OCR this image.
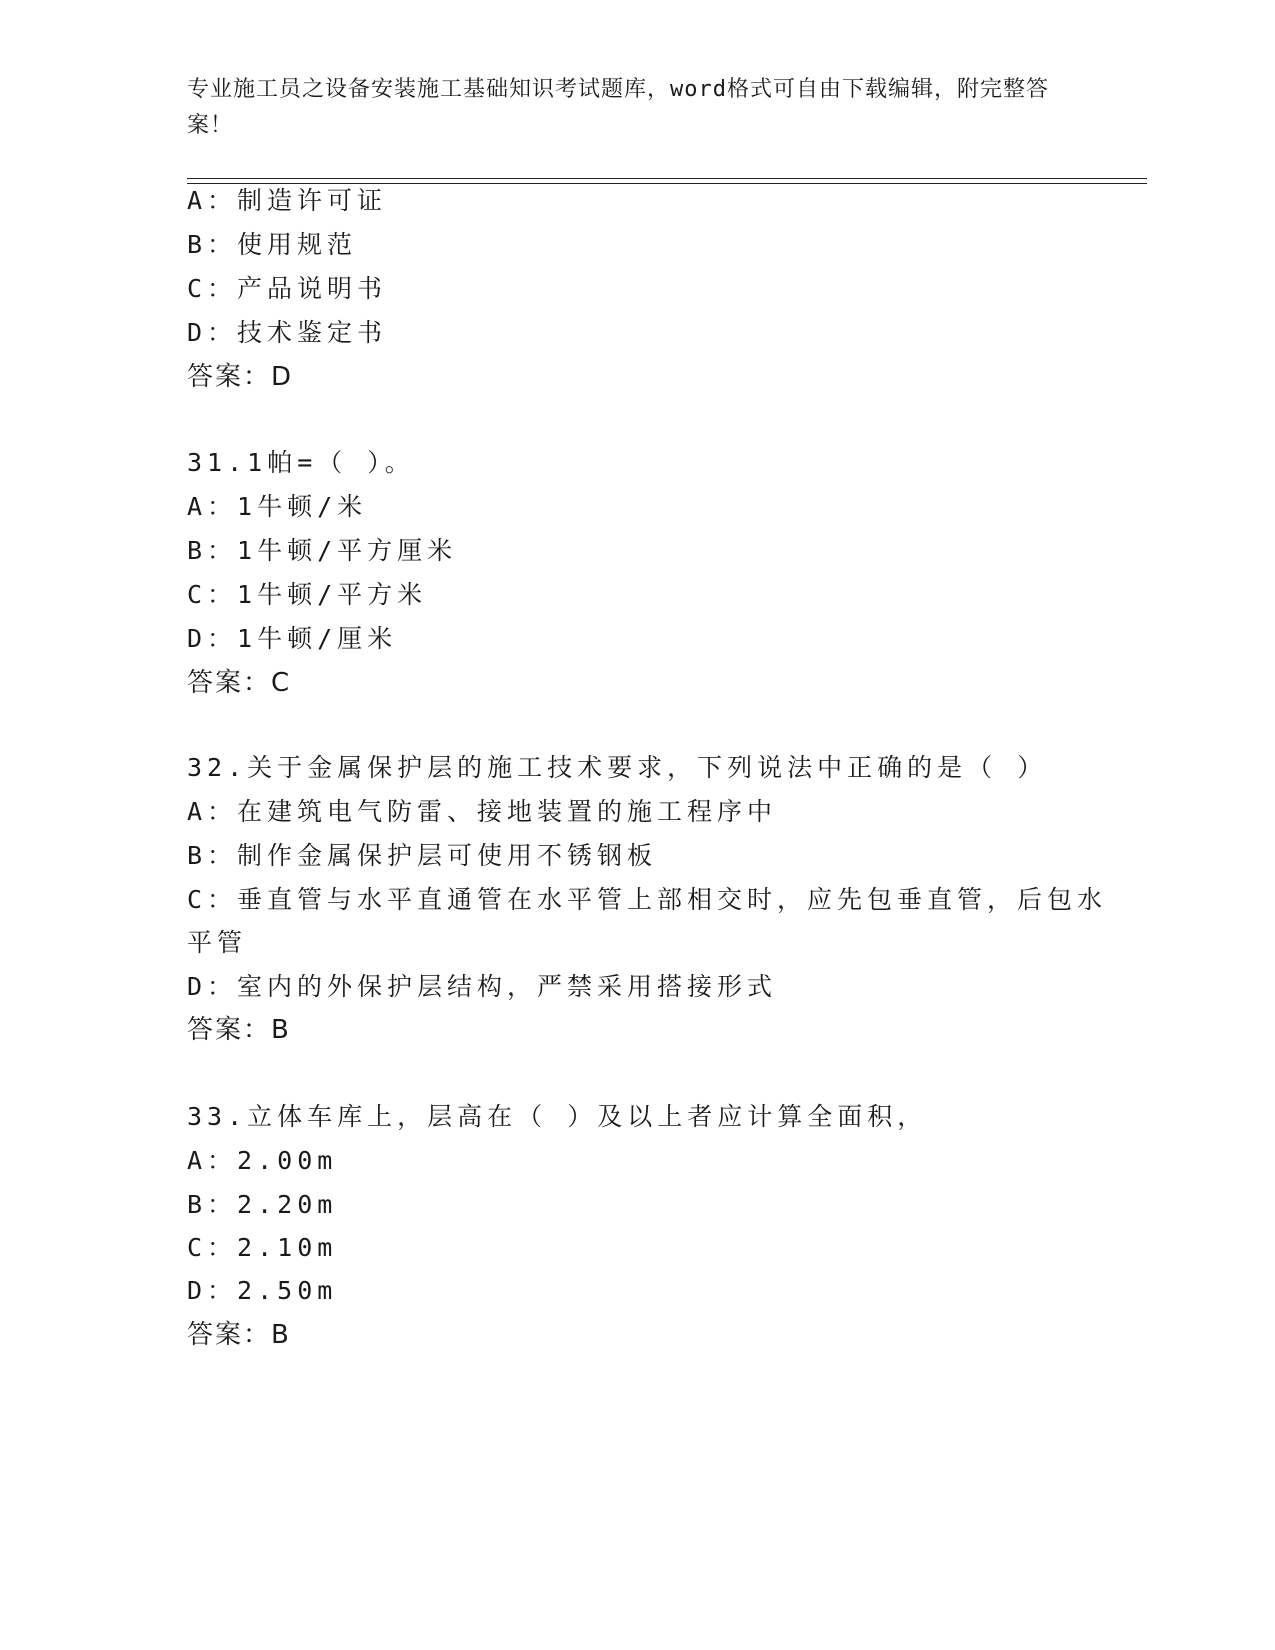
专业施工员之设备安装施工基础知识考试题库，word格式可自由下载编辑，附完整答案！
A：制造许可证
B：使用规范
C：产品说明书
D：技术鉴定书
答案：D
31.1帕=（ ）。
A：1牛顿/米
B：1牛顿/平方厘米
C：1牛顿/平方米
D：1牛顿/厘米
答案：C
32.关于金属保护层的施工技术要求，下列说法中正确的是（ ）
A：在建筑电气防雷、接地装置的施工程序中
B：制作金属保护层可使用不锈钢板
C：垂直管与水平直通管在水平管上部相交时，应先包垂直管，后包水
平管
D：室内的外保护层结构，严禁采用搭接形式
答案：B
33.立体车库上，层高在（ ）及以上者应计算全面积，
A：2.00m
B：2.20m
C：2.10m
D：2.50m
答案：B
